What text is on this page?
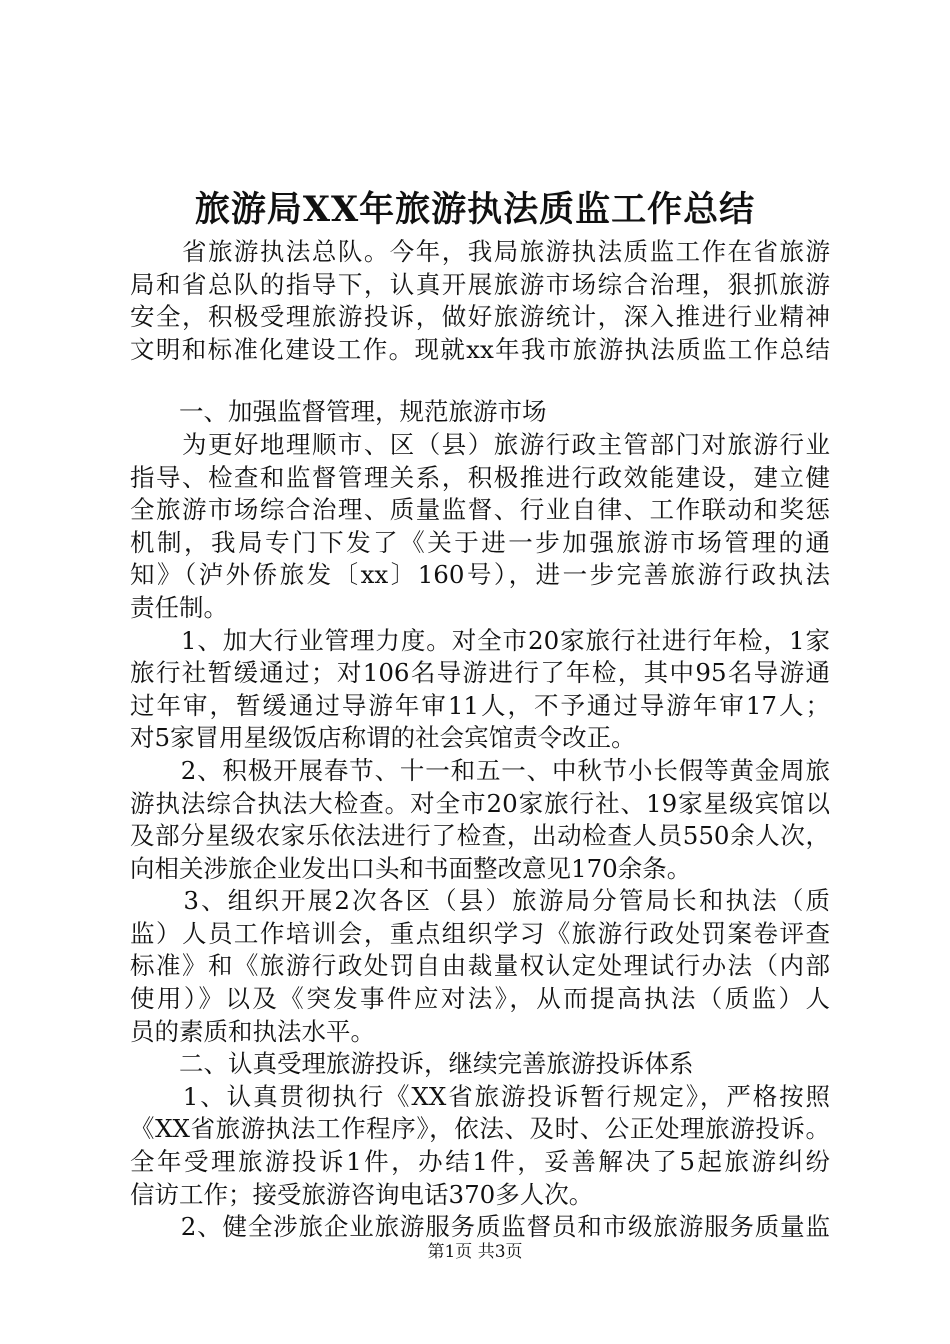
旅游局XX年旅游执法质监工作总结
　　省旅游执法总队。今年，我局旅游执法质监工作在省旅游
局和省总队的指导下，认真开展旅游市场综合治理，狠抓旅游
安全，积极受理旅游投诉，做好旅游统计，深入推进行业精神
文明和标准化建设工作。现就xx年我市旅游执法质监工作总结
　　一、加强监督管理，规范旅游市场
　　为更好地理顺市、区（县）旅游行政主管部门对旅游行业
指导、检查和监督管理关系，积极推进行政效能建设，建立健
全旅游市场综合治理、质量监督、行业自律、工作联动和奖惩
机制，我局专门下发了《关于进一步加强旅游市场管理的通
知》（泸外侨旅发〔xx〕160号），进一步完善旅游行政执法
责任制。
　　1、加大行业管理力度。对全市20家旅行社进行年检，1家
旅行社暂缓通过；对106名导游进行了年检，其中95名导游通
过年审，暂缓通过导游年审11人，不予通过导游年审17人；
对5家冒用星级饭店称谓的社会宾馆责令改正。
　　2、积极开展春节、十一和五一、中秋节小长假等黄金周旅
游执法综合执法大检查。对全市20家旅行社、19家星级宾馆以
及部分星级农家乐依法进行了检查，出动检查人员550余人次，
向相关涉旅企业发出口头和书面整改意见170余条。
　　3、组织开展2次各区（县）旅游局分管局长和执法（质
监）人员工作培训会，重点组织学习《旅游行政处罚案卷评查
标准》和《旅游行政处罚自由裁量权认定处理试行办法（内部
使用）》以及《突发事件应对法》，从而提高执法（质监）人
员的素质和执法水平。
　　二、认真受理旅游投诉，继续完善旅游投诉体系
　　1、认真贯彻执行《XX省旅游投诉暂行规定》，严格按照
《XX省旅游执法工作程序》，依法、及时、公正处理旅游投诉。
全年受理旅游投诉1件，办结1件，妥善解决了5起旅游纠纷
信访工作；接受旅游咨询电话370多人次。
　　2、健全涉旅企业旅游服务质监督员和市级旅游服务质量监
第1页 共3页
